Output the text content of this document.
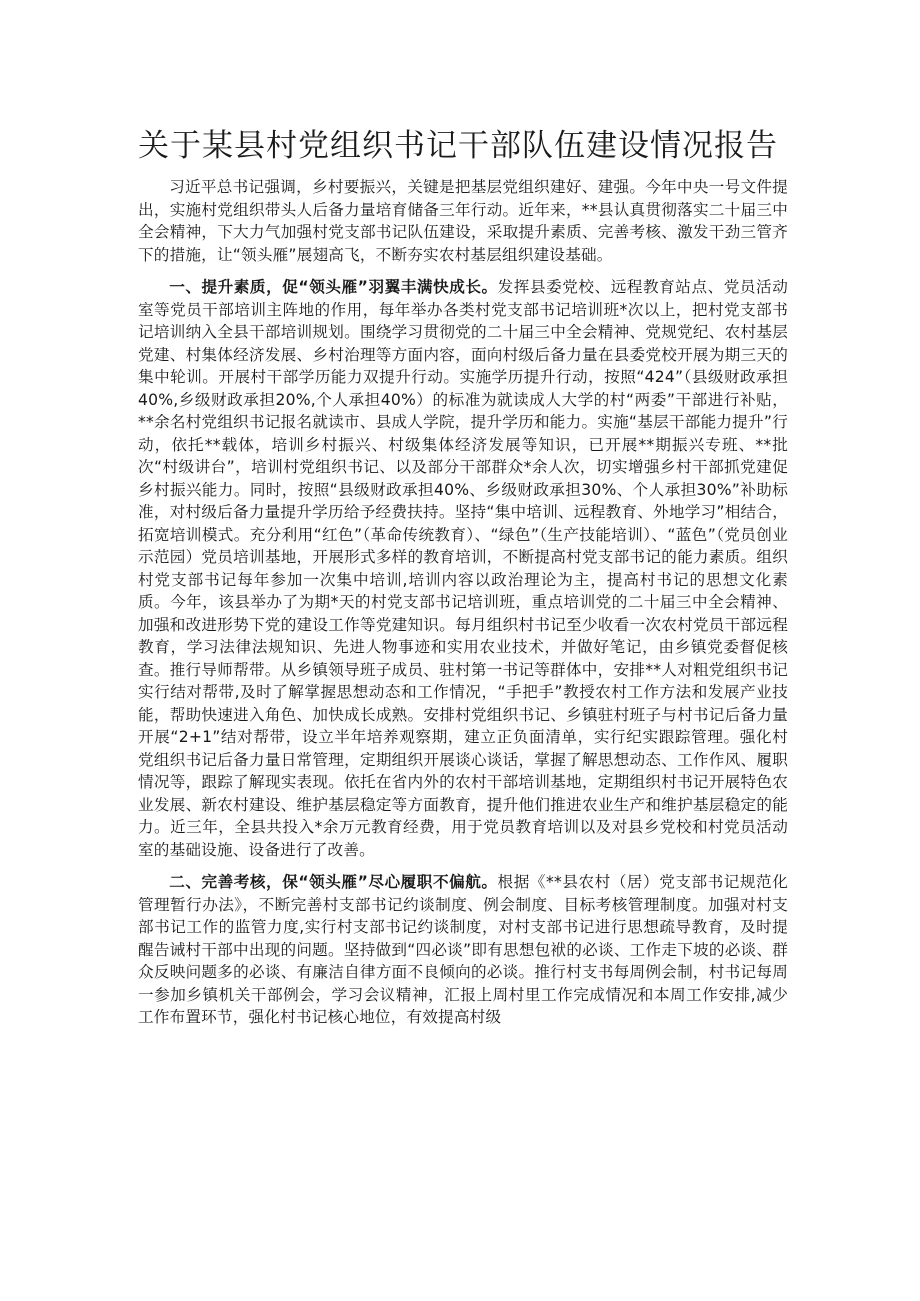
关于某县村党组织书记干部队伍建设情况报告

习近平总书记强调，乡村要振兴，关键是把基层党组织建好、建强。今年中央一号文件提出，实施村党组织带头人后备力量培育储备三年行动。近年来，**县认真贯彻落实二十届三中全会精神，下大力气加强村党支部书记队伍建设，采取提升素质、完善考核、激发干劲三管齐下的措施，让“领头雁”展翅高飞，不断夯实农村基层组织建设基础。

一、提升素质，促“领头雁”羽翼丰满快成长。发挥县委党校、远程教育站点、党员活动室等党员干部培训主阵地的作用，每年举办各类村党支部书记培训班*次以上，把村党支部书记培训纳入全县干部培训规划。围绕学习贯彻党的二十届三中全会精神、党规党纪、农村基层党建、村集体经济发展、乡村治理等方面内容，面向村级后备力量在县委党校开展为期三天的集中轮训。开展村干部学历能力双提升行动。实施学历提升行动，按照“424”（县级财政承担40%,乡级财政承担20%,个人承担40%）的标准为就读成人大学的村“两委”干部进行补贴，**余名村党组织书记报名就读市、县成人学院，提升学历和能力。实施“基层干部能力提升”行动，依托**载体，培训乡村振兴、村级集体经济发展等知识，已开展**期振兴专班、**批次“村级讲台”，培训村党组织书记、以及部分干部群众*余人次，切实增强乡村干部抓党建促乡村振兴能力。同时，按照“县级财政承担40%、乡级财政承担30%、个人承担30%”补助标准，对村级后备力量提升学历给予经费扶持。坚持“集中培训、远程教育、外地学习”相结合，拓宽培训模式。充分利用“红色”（革命传统教育）、“绿色”（生产技能培训）、“蓝色”（党员创业示范园）党员培训基地，开展形式多样的教育培训，不断提高村党支部书记的能力素质。组织村党支部书记每年参加一次集中培训,培训内容以政治理论为主，提高村书记的思想文化素质。今年，该县举办了为期*天的村党支部书记培训班，重点培训党的二十届三中全会精神、加强和改进形势下党的建设工作等党建知识。每月组织村书记至少收看一次农村党员干部远程教育，学习法律法规知识、先进人物事迹和实用农业技术，并做好笔记，由乡镇党委督促核查。推行导师帮带。从乡镇领导班子成员、驻村第一书记等群体中，安排**人对粗党组织书记实行结对帮带,及时了解掌握思想动态和工作情况，“手把手”教授农村工作方法和发展产业技能，帮助快速进入角色、加快成长成熟。安排村党组织书记、乡镇驻村班子与村书记后备力量开展“2+1”结对帮带，设立半年培养观察期，建立正负面清单，实行纪实跟踪管理。强化村党组织书记后备力量日常管理，定期组织开展谈心谈话，掌握了解思想动态、工作作风、履职情况等，跟踪了解现实表现。依托在省内外的农村干部培训基地，定期组织村书记开展特色农业发展、新农村建设、维护基层稳定等方面教育，提升他们推进农业生产和维护基层稳定的能力。近三年，全县共投入*余万元教育经费，用于党员教育培训以及对县乡党校和村党员活动室的基础设施、设备进行了改善。

二、完善考核，保“领头雁”尽心履职不偏航。根据《**县农村（居）党支部书记规范化管理暂行办法》，不断完善村支部书记约谈制度、例会制度、目标考核管理制度。加强对村支部书记工作的监管力度,实行村支部书记约谈制度，对村支部书记进行思想疏导教育，及时提醒告诫村干部中出现的问题。坚持做到“四必谈”即有思想包袱的必谈、工作走下坡的必谈、群众反映问题多的必谈、有廉洁自律方面不良倾向的必谈。推行村支书每周例会制，村书记每周一参加乡镇机关干部例会，学习会议精神，汇报上周村里工作完成情况和本周工作安排,减少工作布置环节，强化村书记核心地位，有效提高村级
